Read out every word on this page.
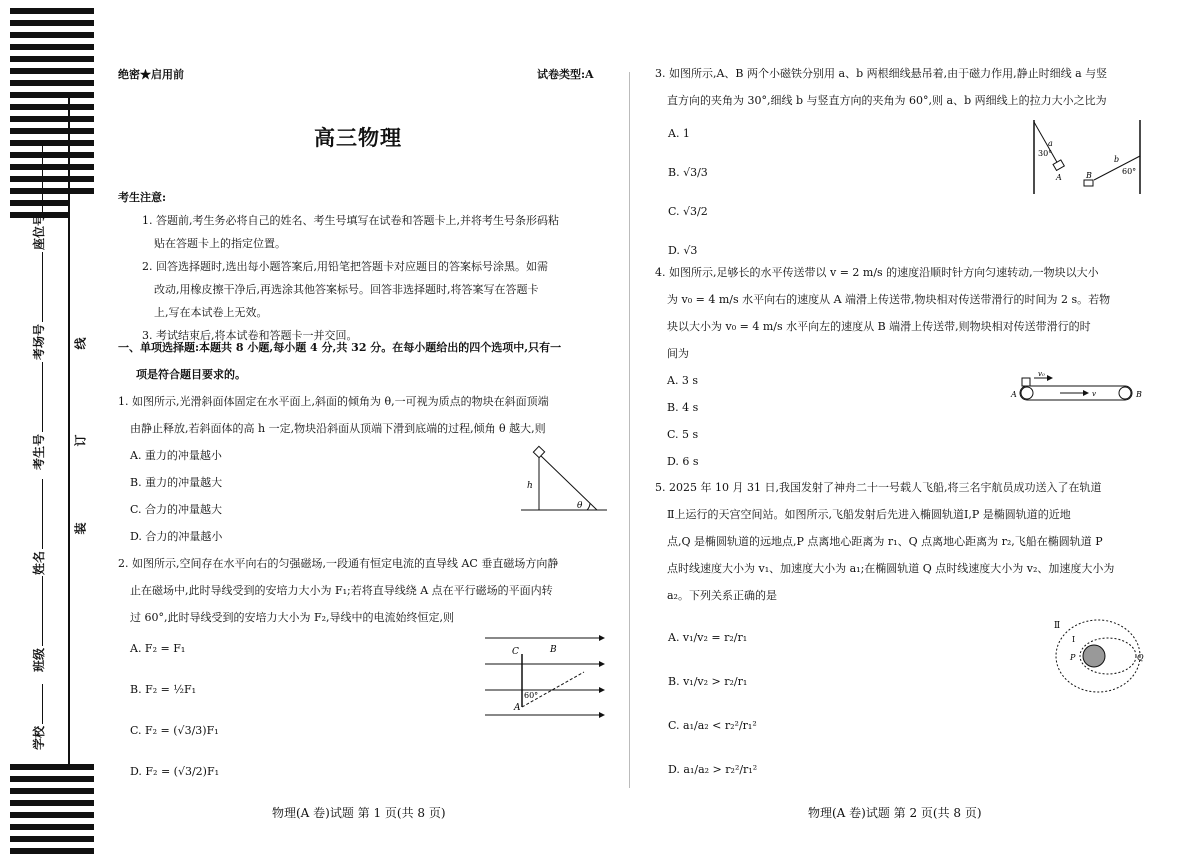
座位号
考场号
考生号
姓名
班级
学校
线
订
装
绝密★启用前	试卷类型:A
高三物理

考生注意:

1. 答题前,考生务必将自己的姓名、考生号填写在试卷和答题卡上,并将考生号条形码粘

贴在答题卡上的指定位置。

2. 回答选择题时,选出每小题答案后,用铅笔把答题卡对应题目的答案标号涂黑。如需

改动,用橡皮擦干净后,再选涂其他答案标号。回答非选择题时,将答案写在答题卡

上,写在本试卷上无效。

3. 考试结束后,将本试卷和答题卡一并交回。

一、单项选择题:本题共 8 小题,每小题 4 分,共 32 分。在每小题给出的四个选项中,只有一

项是符合题目要求的。

1. 如图所示,光滑斜面体固定在水平面上,斜面的倾角为 θ,一可视为质点的物块在斜面顶端

由静止释放,若斜面体的高 h 一定,物块沿斜面从顶端下滑到底端的过程,倾角 θ 越大,则

A. 重力的冲量越小

B. 重力的冲量越大

C. 合力的冲量越大

D. 合力的冲量越小

h
θ

2. 如图所示,空间存在水平向右的匀强磁场,一段通有恒定电流的直导线 AC 垂直磁场方向静

止在磁场中,此时导线受到的安培力大小为 F₁;若将直导线绕 A 点在平行磁场的平面内转

过 60°,此时导线受到的安培力大小为 F₂,导线中的电流始终恒定,则

A. F₂ = F₁

B. F₂ = ½F₁

C. F₂ = (√3/3)F₁

D. F₂ = (√3/2)F₁

C	B
A
60°
物理(A 卷)试题 第 1 页(共 8 页)

3. 如图所示,A、B 两个小磁铁分别用 a、b 两根细线悬吊着,由于磁力作用,静止时细线 a 与竖

直方向的夹角为 30°,细线 b 与竖直方向的夹角为 60°,则 a、b 两细线上的拉力大小之比为

A. 1

B. √3/3

C. √3/2

D. √3

30°
a
A
b
B	60°

4. 如图所示,足够长的水平传送带以 v = 2 m/s 的速度沿顺时针方向匀速转动,一物块以大小

为 v₀ = 4 m/s 水平向右的速度从 A 端滑上传送带,物块相对传送带滑行的时间为 2 s。若物

块以大小为 v₀ = 4 m/s 水平向左的速度从 B 端滑上传送带,则物块相对传送带滑行的时

间为

A. 3 s

B. 4 s

C. 5 s

D. 6 s

v₀
v
A	B

5. 2025 年 10 月 31 日,我国发射了神舟二十一号载人飞船,将三名宇航员成功送入了在轨道

Ⅱ上运行的天宫空间站。如图所示,飞船发射后先进入椭圆轨道Ⅰ,P 是椭圆轨道的近地

点,Q 是椭圆轨道的远地点,P 点离地心距离为 r₁、Q 点离地心距离为 r₂,飞船在椭圆轨道 P

点时线速度大小为 v₁、加速度大小为 a₁;在椭圆轨道 Q 点时线速度大小为 v₂、加速度大小为

a₂。下列关系正确的是

A. v₁/v₂ = r₂/r₁

B. v₁/v₂ > r₂/r₁

C. a₁/a₂ < r₂²/r₁²

D. a₁/a₂ > r₂²/r₁²

Ⅱ
Ⅰ
P	Q
物理(A 卷)试题 第 2 页(共 8 页)
